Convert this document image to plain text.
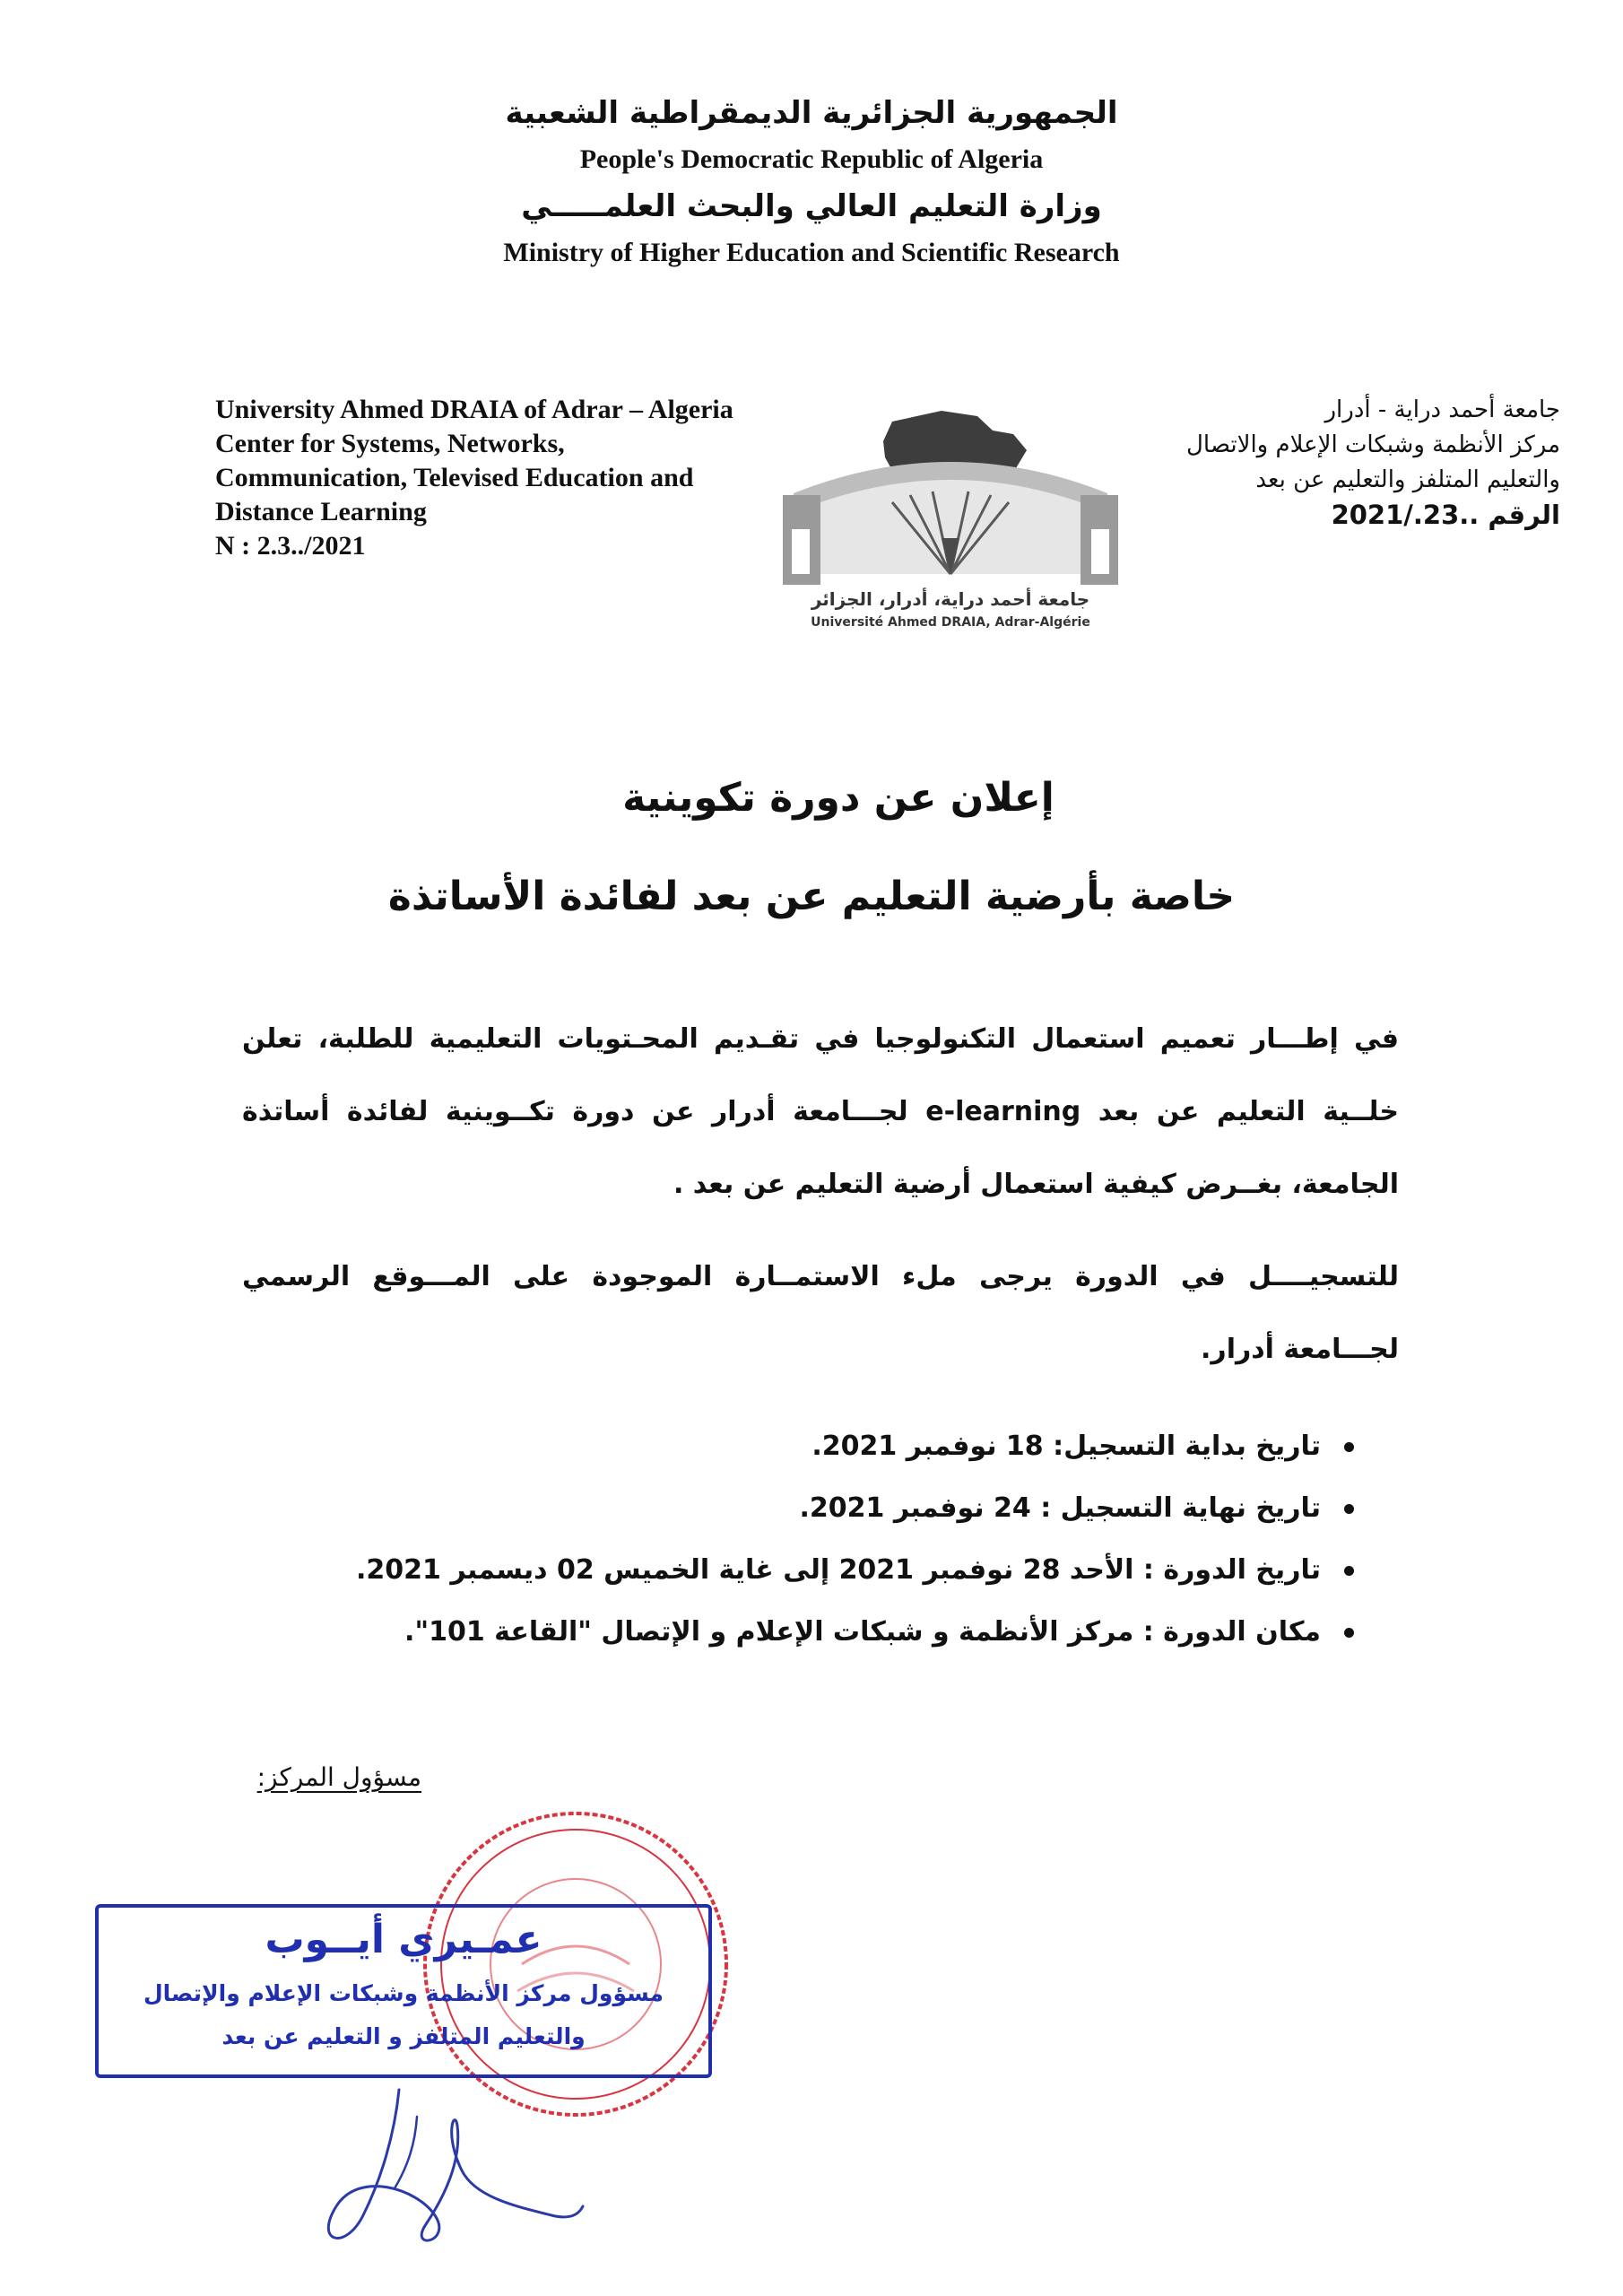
الجمهورية الجزائرية الديمقراطية الشعبية
People's Democratic Republic of Algeria
وزارة التعليم العالي والبحث العلمـــــي
Ministry of Higher Education and Scientific Research
University Ahmed DRAIA of Adrar – Algeria
Center for Systems, Networks,
Communication, Televised Education and
Distance Learning
N : 2.3../2021
جامعة أحمد دراية، أدرار، الجزائر
Université Ahmed DRAIA, Adrar-Algérie
جامعة أحمد دراية - أدرار
مركز الأنظمة وشبكات الإعلام والاتصال
والتعليم المتلفز والتعليم عن بعد
الرقم ..23./2021
إعلان عن دورة تكوينية
خاصة بأرضية التعليم عن بعد لفائدة الأساتذة

في إطـــار تعميم استعمال التكنولوجيا في تقـديم المحـتويات التعليمية للطلبة، تعلن خلــية التعليم عن بعد e-learning لجـــامعة أدرار عن دورة تكــوينية لفائدة أساتذة الجامعة، بغــرض كيفية استعمال أرضية التعليم عن بعد .

للتسجيــــل في الدورة يرجى ملء الاستمــارة الموجودة على المـــوقع الرسمي لجـــامعة أدرار.

تاريخ بداية التسجيل: 18 نوفمبر 2021.
تاريخ نهاية التسجيل : 24 نوفمبر 2021.
تاريخ الدورة : الأحد 28 نوفمبر 2021 إلى غاية الخميس 02 ديسمبر 2021.
مكان الدورة : مركز الأنظمة و شبكات الإعلام و الإتصال "القاعة 101".
مسؤول المركز:
عمـيري أيــوب
مسؤول مركز الأنظمة وشبكات الإعلام والإتصال
والتعليم المتلفز و التعليم عن بعد
